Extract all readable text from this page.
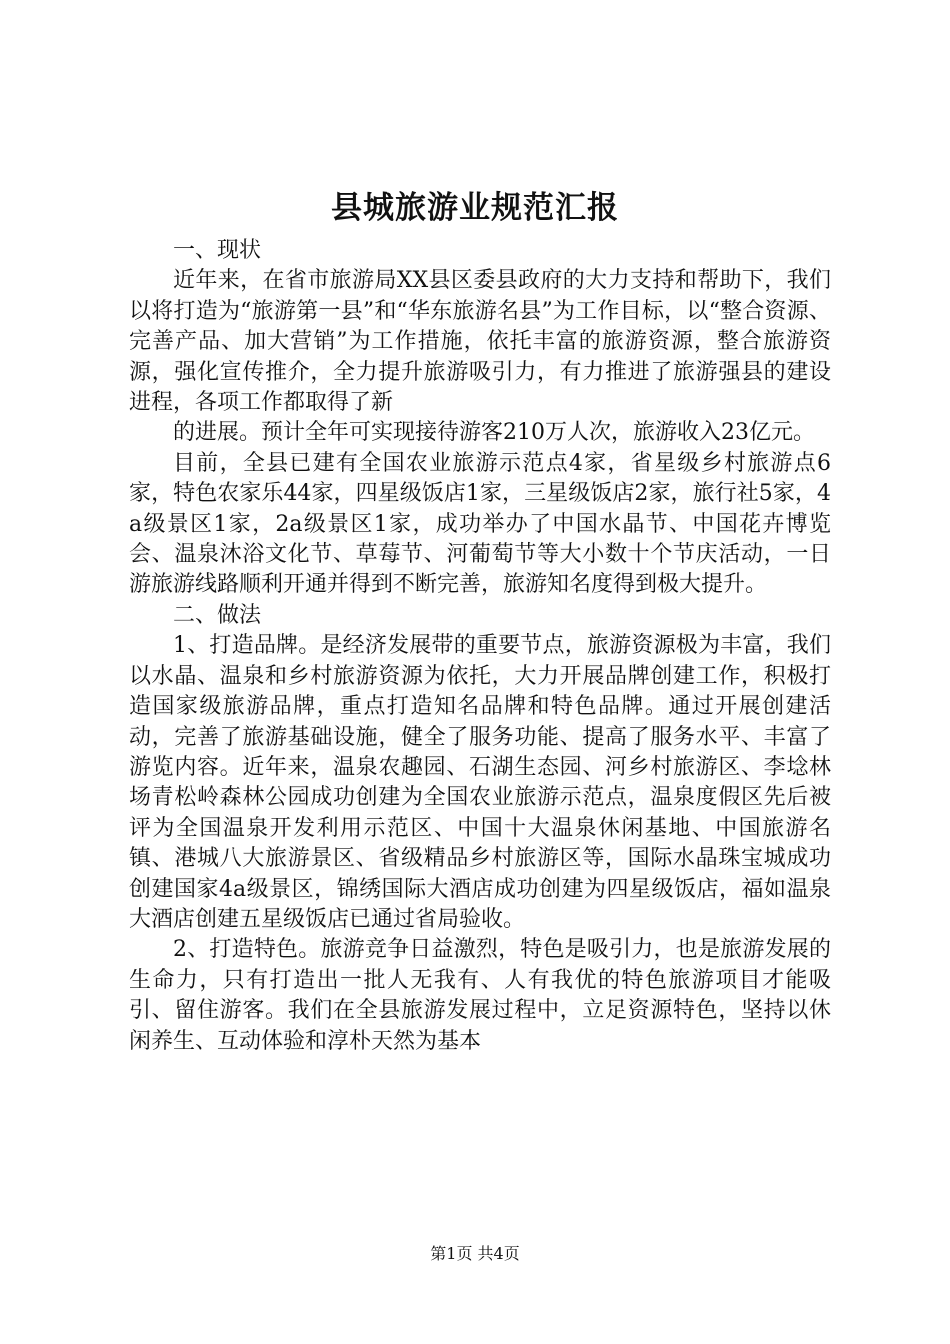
县城旅游业规范汇报

一、现状

近年来，在省市旅游局XX县区委县政府的大力支持和帮助下，我们以将打造为“旅游第一县”和“华东旅游名县”为工作目标，以“整合资源、完善产品、加大营销”为工作措施，依托丰富的旅游资源，整合旅游资源，强化宣传推介，全力提升旅游吸引力，有力推进了旅游强县的建设进程，各项工作都取得了新

的进展。预计全年可实现接待游客210万人次，旅游收入23亿元。

目前，全县已建有全国农业旅游示范点4家，省星级乡村旅游点6家，特色农家乐44家，四星级饭店1家，三星级饭店2家，旅行社5家，4a级景区1家，2a级景区1家，成功举办了中国水晶节、中国花卉博览会、温泉沐浴文化节、草莓节、河葡萄节等大小数十个节庆活动，一日游旅游线路顺利开通并得到不断完善，旅游知名度得到极大提升。

二、做法

1、打造品牌。是经济发展带的重要节点，旅游资源极为丰富，我们以水晶、温泉和乡村旅游资源为依托，大力开展品牌创建工作，积极打造国家级旅游品牌，重点打造知名品牌和特色品牌。通过开展创建活动，完善了旅游基础设施，健全了服务功能、提高了服务水平、丰富了游览内容。近年来，温泉农趣园、石湖生态园、河乡村旅游区、李埝林场青松岭森林公园成功创建为全国农业旅游示范点，温泉度假区先后被评为全国温泉开发利用示范区、中国十大温泉休闲基地、中国旅游名镇、港城八大旅游景区、省级精品乡村旅游区等，国际水晶珠宝城成功创建国家4a级景区，锦绣国际大酒店成功创建为四星级饭店，福如温泉大酒店创建五星级饭店已通过省局验收。

2、打造特色。旅游竞争日益激烈，特色是吸引力，也是旅游发展的生命力，只有打造出一批人无我有、人有我优的特色旅游项目才能吸引、留住游客。我们在全县旅游发展过程中，立足资源特色，坚持以休闲养生、互动体验和淳朴天然为基本

第1页 共4页
